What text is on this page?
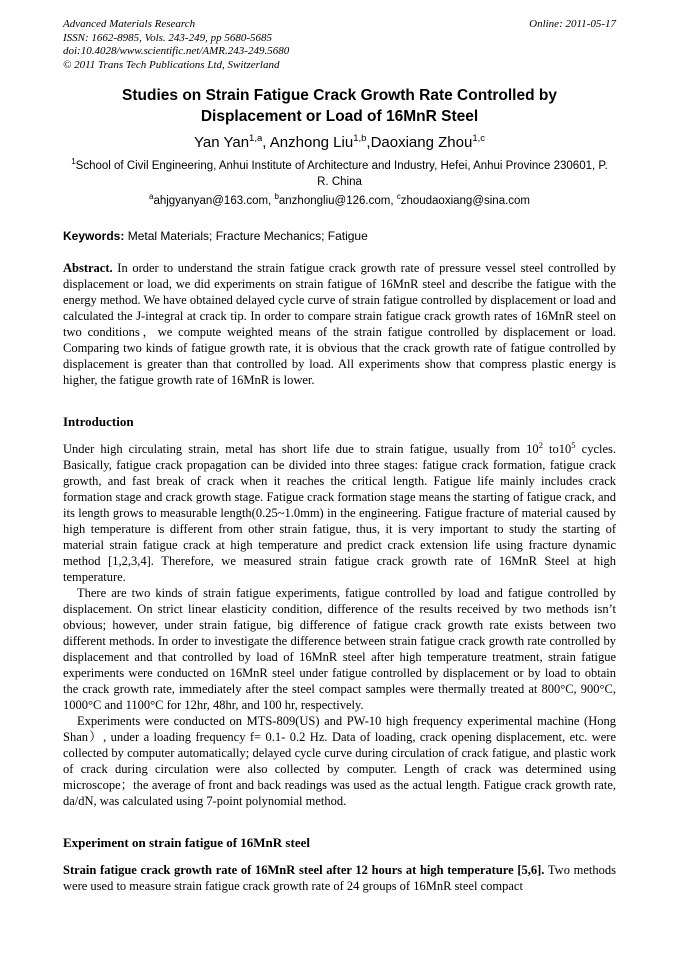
Advanced Materials Research
ISSN: 1662-8985, Vols. 243-249, pp 5680-5685
doi:10.4028/www.scientific.net/AMR.243-249.5680
© 2011 Trans Tech Publications Ltd, Switzerland
Online: 2011-05-17
Studies on Strain Fatigue Crack Growth Rate Controlled by Displacement or Load of 16MnR Steel
Yan Yan$^{1,a}$, Anzhong Liu$^{1,b}$,Daoxiang Zhou$^{1,c}$
$^1$School of Civil Engineering, Anhui Institute of Architecture and Industry, Hefei, Anhui Province 230601, P. R. China
$^a$ahjgyanyan@163.com, $^b$anzhongliu@126.com, $^c$zhoudaoxiang@sina.com
Keywords: Metal Materials; Fracture Mechanics; Fatigue

Abstract. In order to understand the strain fatigue crack growth rate of pressure vessel steel controlled by displacement or load, we did experiments on strain fatigue of 16MnR steel and describe the fatigue with the energy method. We have obtained delayed cycle curve of strain fatigue controlled by displacement or load and calculated the J-integral at crack tip. In order to compare strain fatigue crack growth rates of 16MnR steel on two conditions，we compute weighted means of the strain fatigue controlled by displacement or load. Comparing two kinds of fatigue growth rate, it is obvious that the crack growth rate of fatigue controlled by displacement is greater than that controlled by load. All experiments show that compress plastic energy is higher, the fatigue growth rate of 16MnR is lower.

Introduction

Under high circulating strain, metal has short life due to strain fatigue, usually from $10^2$ $to10^5$ cycles. Basically, fatigue crack propagation can be divided into three stages: fatigue crack formation, fatigue crack growth, and fast break of crack when it reaches the critical length. Fatigue life mainly includes crack formation stage and crack growth stage. Fatigue crack formation stage means the starting of fatigue crack, and its length grows to measurable length(0.25~1.0mm) in the engineering. Fatigue fracture of material caused by high temperature is different from other strain fatigue, thus, it is very important to study the starting of material strain fatigue crack at high temperature and predict crack extension life using fracture dynamic method [1,2,3,4]. Therefore, we measured strain fatigue crack growth rate of 16MnR Steel at high temperature.

There are two kinds of strain fatigue experiments, fatigue controlled by load and fatigue controlled by displacement. On strict linear elasticity condition, difference of the results received by two methods isn’t obvious; however, under strain fatigue, big difference of fatigue crack growth rate exists between two different methods. In order to investigate the difference between strain fatigue crack growth rate controlled by displacement and that controlled by load of 16MnR steel after high temperature treatment, strain fatigue experiments were conducted on 16MnR steel under fatigue controlled by displacement or by load to obtain the crack growth rate, immediately after the steel compact samples were thermally treated at 800°C, 900°C, 1000°C and 1100°C for 12hr, 48hr, and 100 hr, respectively.

Experiments were conducted on MTS-809(US) and PW-10 high frequency experimental machine (Hong Shan）, under a loading frequency f= 0.1- 0.2 Hz. Data of loading, crack opening displacement, etc. were collected by computer automatically; delayed cycle curve during circulation of crack fatigue, and plastic work of crack during circulation were also collected by computer. Length of crack was determined using microscope；the average of front and back readings was used as the actual length. Fatigue crack growth rate, da/dN, was calculated using 7-point polynomial method.

Experiment on strain fatigue of 16MnR steel

Strain fatigue crack growth rate of 16MnR steel after 12 hours at high temperature [5,6]. Two methods were used to measure strain fatigue crack growth rate of 24 groups of 16MnR steel compact
